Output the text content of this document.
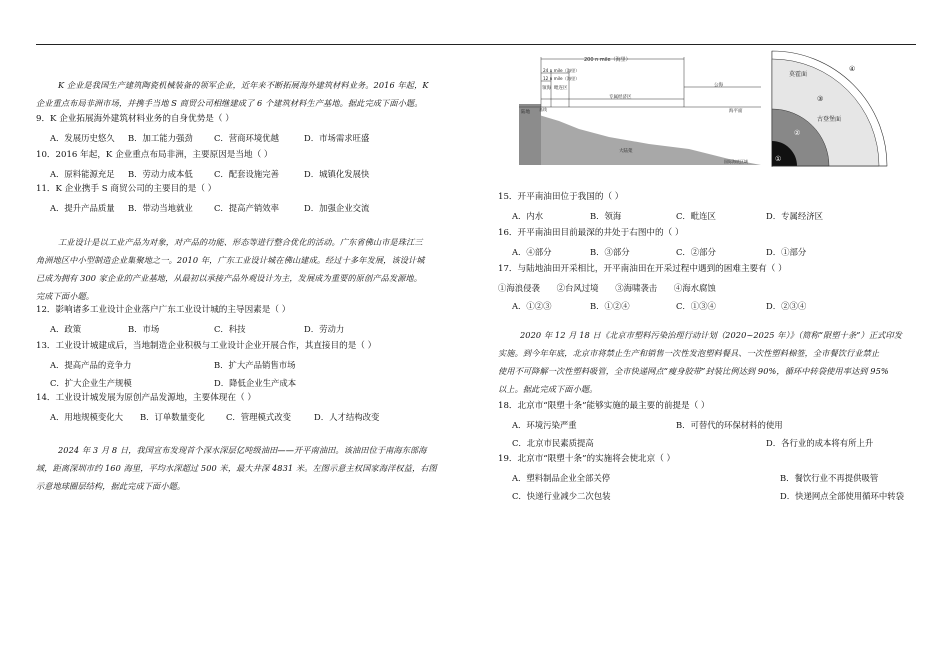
K 企业是我国生产建筑陶瓷机械装备的领军企业，近年来不断拓展海外建筑材料业务。2016 年起，K
企业重点布局非洲市场，并携手当地 S 商贸公司相继建成了 6 个建筑材料生产基地。据此完成下面小题。
9．K 企业拓展海外建筑材料业务的自身优势是（ ）
A．发展历史悠久 B．加工能力强劲	C．营商环境优越	D．市场需求旺盛
10．2016 年起，K 企业重点布局非洲，主要原因是当地（ ）
A．原料能源充足 B．劳动力成本低	C．配套设施完善	D．城镇化发展快
11．K 企业携手 S 商贸公司的主要目的是（ ）
A．提升产品质量 B．带动当地就业	C．提高产销效率	D．加强企业交流
工业设计是以工业产品为对象，对产品的功能、形态等进行整合优化的活动。广东省佛山市是珠江三
角洲地区中小型制造企业集聚地之一。2010 年，广东工业设计城在佛山建成。经过十多年发展，该设计城
已成为拥有 300 家企业的产业基地，从最初以承接产品外观设计为主，发展成为重要的原创产品发源地。
完成下面小题。
12．影响诸多工业设计企业落户广东工业设计城的主导因素是（ ）
A．政策	B．市场	C．科技	D．劳动力
13．工业设计城建成后，当地制造企业积极与工业设计企业开展合作，其直接目的是（ ）
A．提高产品的竞争力	B．扩大产品销售市场
C．扩大企业生产规模	D．降低企业生产成本
14．工业设计城发展为原创产品发源地，主要体现在（ ）
A．用地规模变化大 B．订单数量变化	C．管理模式改变	D．人才结构改变
2024 年 3 月 8 日，我国宣布发现首个深水深层亿吨级油田——开平南油田。该油田位于南海东部海
域，距离深圳市约 160 海里，平均水深超过 500 米，最大井深 4831 米。左图示意主权国家海洋权益，右图
示意地球圈层结构，据此完成下面小题。
200 n mile（海里）
24 n mile（海里）
12 n mile（海里）
领海 毗连区
专属经济区
公海
陆地
基线	海平面
大陆架
国际海底区域
莫霍面
古登堡面
④
③
②
①
15．开平南油田位于我国的（ ）
A．内水	B．领海	C．毗连区	D．专属经济区
16．开平南油田目前最深的井处于右图中的（ ）
A．④部分	B．③部分	C．②部分	D．①部分
17．与陆地油田开采相比，开平南油田在开采过程中遇到的困难主要有（ ）
①海浪侵袭　　②台风过境　　③海啸袭击　　④海水腐蚀
A．①②③	B．①②④	C．①③④	D．②③④
2020 年 12 月 18 日《北京市塑料污染治理行动计划（2020~2025 年）》（简称“限塑十条”）正式印发
实施。到今年年底，北京市将禁止生产和销售一次性发泡塑料餐具、一次性塑料棉签，全市餐饮行业禁止
使用不可降解一次性塑料吸管，全市快递网点“瘦身胶带”封装比例达到 90%，循环中转袋使用率达到 95%
以上。据此完成下面小题。
18．北京市“限塑十条”能够实施的最主要的前提是（ ）
A．环境污染严重	B．可替代的环保材料的使用
C．北京市民素质提高	D．各行业的成本将有所上升
19．北京市“限塑十条”的实施将会使北京（ ）
A．塑料制品企业全部关停	B．餐饮行业不再提供吸管
C．快递行业减少二次包装	D．快递网点全部使用循环中转袋
